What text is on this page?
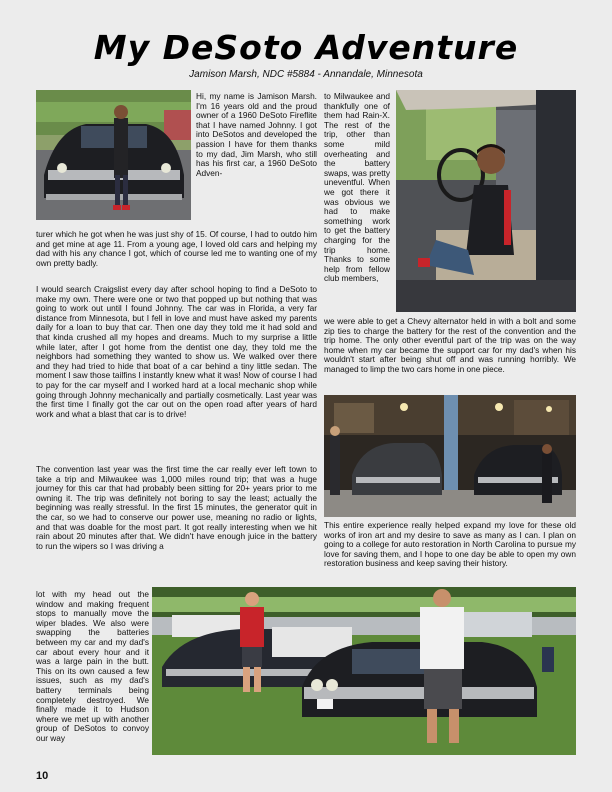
My DeSoto Adventure
Jamison Marsh, NDC #5884 - Annandale, Minnesota

Hi, my name is Jamison Marsh. I'm 16 years old and the proud owner of a 1960 DeSoto Fireflite that I have named Johnny. I got into DeSotos and developed the passion I have for them thanks to my dad, Jim Marsh, who still has his first car, a 1960 DeSoto Adven-

turer which he got when he was just shy of 15. Of course, I had to outdo him and get mine at age 11. From a young age, I loved old cars and helping my dad with his any chance I got, which of course led me to wanting one of my own pretty badly.

I would search Craigslist every day after school hoping to find a DeSoto to make my own. There were one or two that popped up but nothing that was going to work out until I found Johnny. The car was in Florida, a very far distance from Minnesota, but I fell in love and must have asked my parents daily for a loan to buy that car. Then one day they told me it had sold and that kinda crushed all my hopes and dreams. Much to my surprise a little while later, after I got home from the dentist one day, they told me the neighbors had something they wanted to show us. We walked over there and they had tried to hide that boat of a car behind a tiny little sedan. The moment I saw those tailfins I instantly knew what it was! Now of course I had to pay for the car myself and I worked hard at a local mechanic shop while going through Johnny mechanically and partially cosmetically. Last year was the first time I finally got the car out on the open road after years of hard work and what a blast that car is to drive!

The convention last year was the first time the car really ever left town to take a trip and Milwaukee was 1,000 miles round trip; that was a huge journey for this car that had probably been sitting for 20+ years prior to me owning it. The trip was definitely not boring to say the least; actually the beginning was really stressful. In the first 15 minutes, the generator quit in the car, so we had to conserve our power use, meaning no radio or lights, and that was doable for the most part. It got really interesting when we hit rain about 20 minutes after that. We didn't have enough juice in the battery to run the wipers so I was driving a

lot with my head out the window and making frequent stops to manually move the wiper blades. We also were swapping the batteries between my car and my dad's car about every hour and it was a large pain in the butt. This on its own caused a few issues, such as my dad's battery terminals being completely destroyed. We finally made it to Hudson where we met up with another group of DeSotos to convoy our way

to Milwaukee and thankfully one of them had Rain-X. The rest of the trip, other than some mild overheating and the battery swaps, was pretty uneventful. When we got there it was obvious we had to make something work to get the battery charging for the trip home. Thanks to some help from fellow club members,

we were able to get a Chevy alternator held in with a bolt and some zip ties to charge the battery for the rest of the convention and the trip home. The only other eventful part of the trip was on the way home when my car became the support car for my dad's when his wouldn't start after being shut off and was running horribly. We managed to limp the two cars home in one piece.

This entire experience really helped expand my love for these old works of iron art and my desire to save as many as I can. I plan on going to a college for auto restoration in North Carolina to pursue my love for saving them, and I hope to one day be able to open my own restoration business and keep saving their history.

10
